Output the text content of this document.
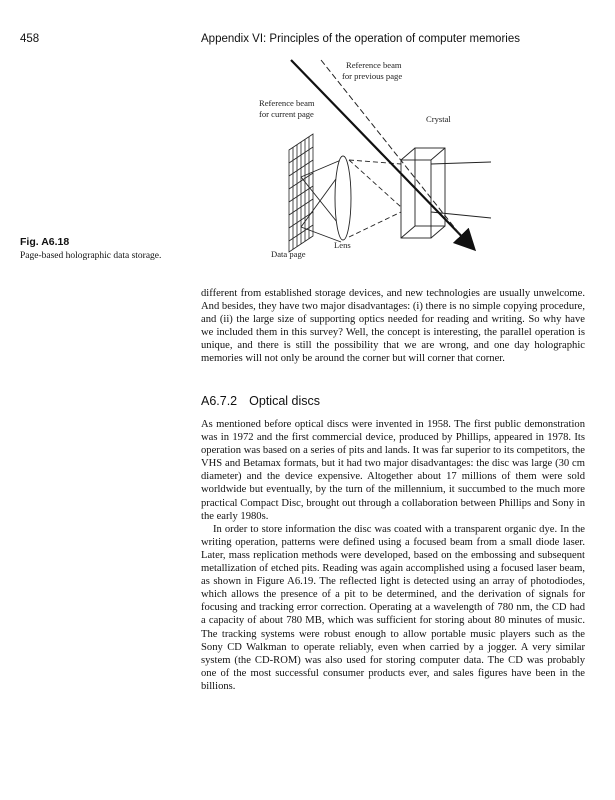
458	Appendix VI: Principles of the operation of computer memories
Reference beam
for previous page
Reference beam
for current page	Crystal
Lens
Data page
Fig. A6.18
Page-based holographic data storage.

different from established storage devices, and new technologies are usually unwelcome. And besides, they have two major disadvantages: (i) there is no simple copying procedure, and (ii) the large size of supporting optics needed for reading and writing. So why have we included them in this survey? Well, the concept is interesting, the parallel operation is unique, and there is still the possibility that we are wrong, and one day holographic memories will not only be around the corner but will corner that corner.

A6.7.2 Optical discs

As mentioned before optical discs were invented in 1958. The first public demonstration was in 1972 and the first commercial device, produced by Phillips, appeared in 1978. Its operation was based on a series of pits and lands. It was far superior to its competitors, the VHS and Betamax formats, but it had two major disadvantages: the disc was large (30 cm diameter) and the device expensive. Altogether about 17 millions of them were sold worldwide but eventually, by the turn of the millennium, it succumbed to the much more practical Compact Disc, brought out through a collaboration between Phillips and Sony in the early 1980s.

In order to store information the disc was coated with a transparent organic dye. In the writing operation, patterns were defined using a focused beam from a small diode laser. Later, mass replication methods were developed, based on the embossing and subsequent metallization of etched pits. Reading was again accomplished using a focused laser beam, as shown in Figure A6.19. The reflected light is detected using an array of photodiodes, which allows the presence of a pit to be determined, and the derivation of signals for focusing and tracking error correction. Operating at a wavelength of 780 nm, the CD had a capacity of about 780 MB, which was sufficient for storing about 80 minutes of music. The tracking systems were robust enough to allow portable music players such as the Sony CD Walkman to operate reliably, even when carried by a jogger. A very similar system (the CD-ROM) was also used for storing computer data. The CD was probably one of the most successful consumer products ever, and sales figures have been in the billions.
